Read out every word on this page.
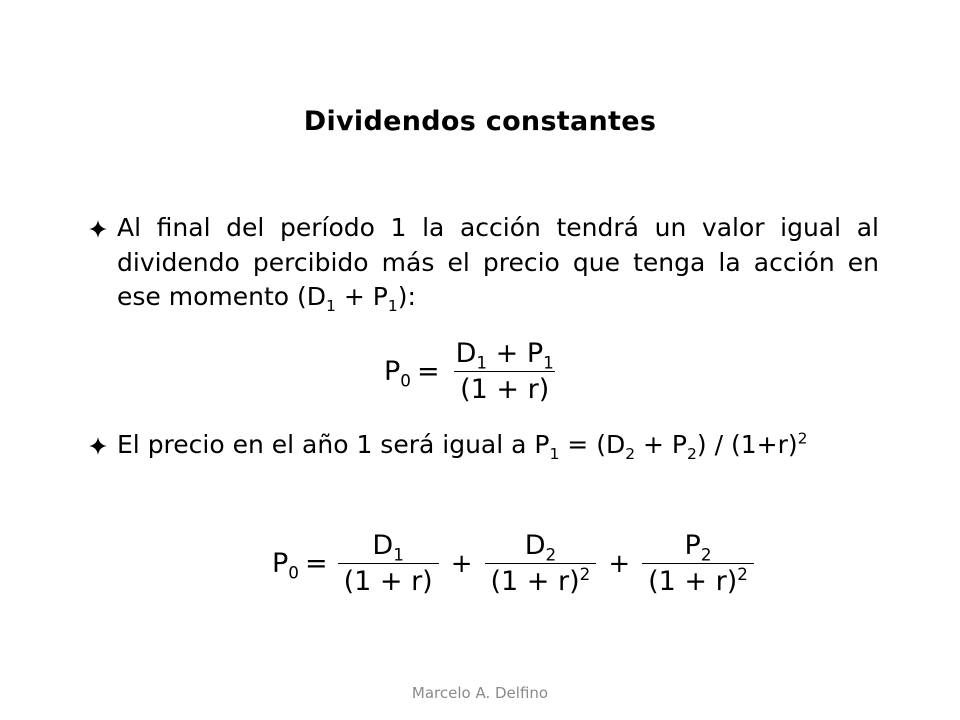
Dividendos constantes
Al final del período 1 la acción tendrá un valor igual al dividendo percibido más el precio que tenga la acción en ese momento $(D_1 + P_1)$:
$P_0 = \frac{D_1 + P_1}{(1 + r)}$
El precio en el año 1 será igual a $P_1 = (D_2 + P_2) / (1+r)^2$
$P_0 = \frac{D_1}{(1 + r)} + \frac{D_2}{(1 + r)^2} + \frac{P_2}{(1 + r)^2}$
Marcelo A. Delfino
